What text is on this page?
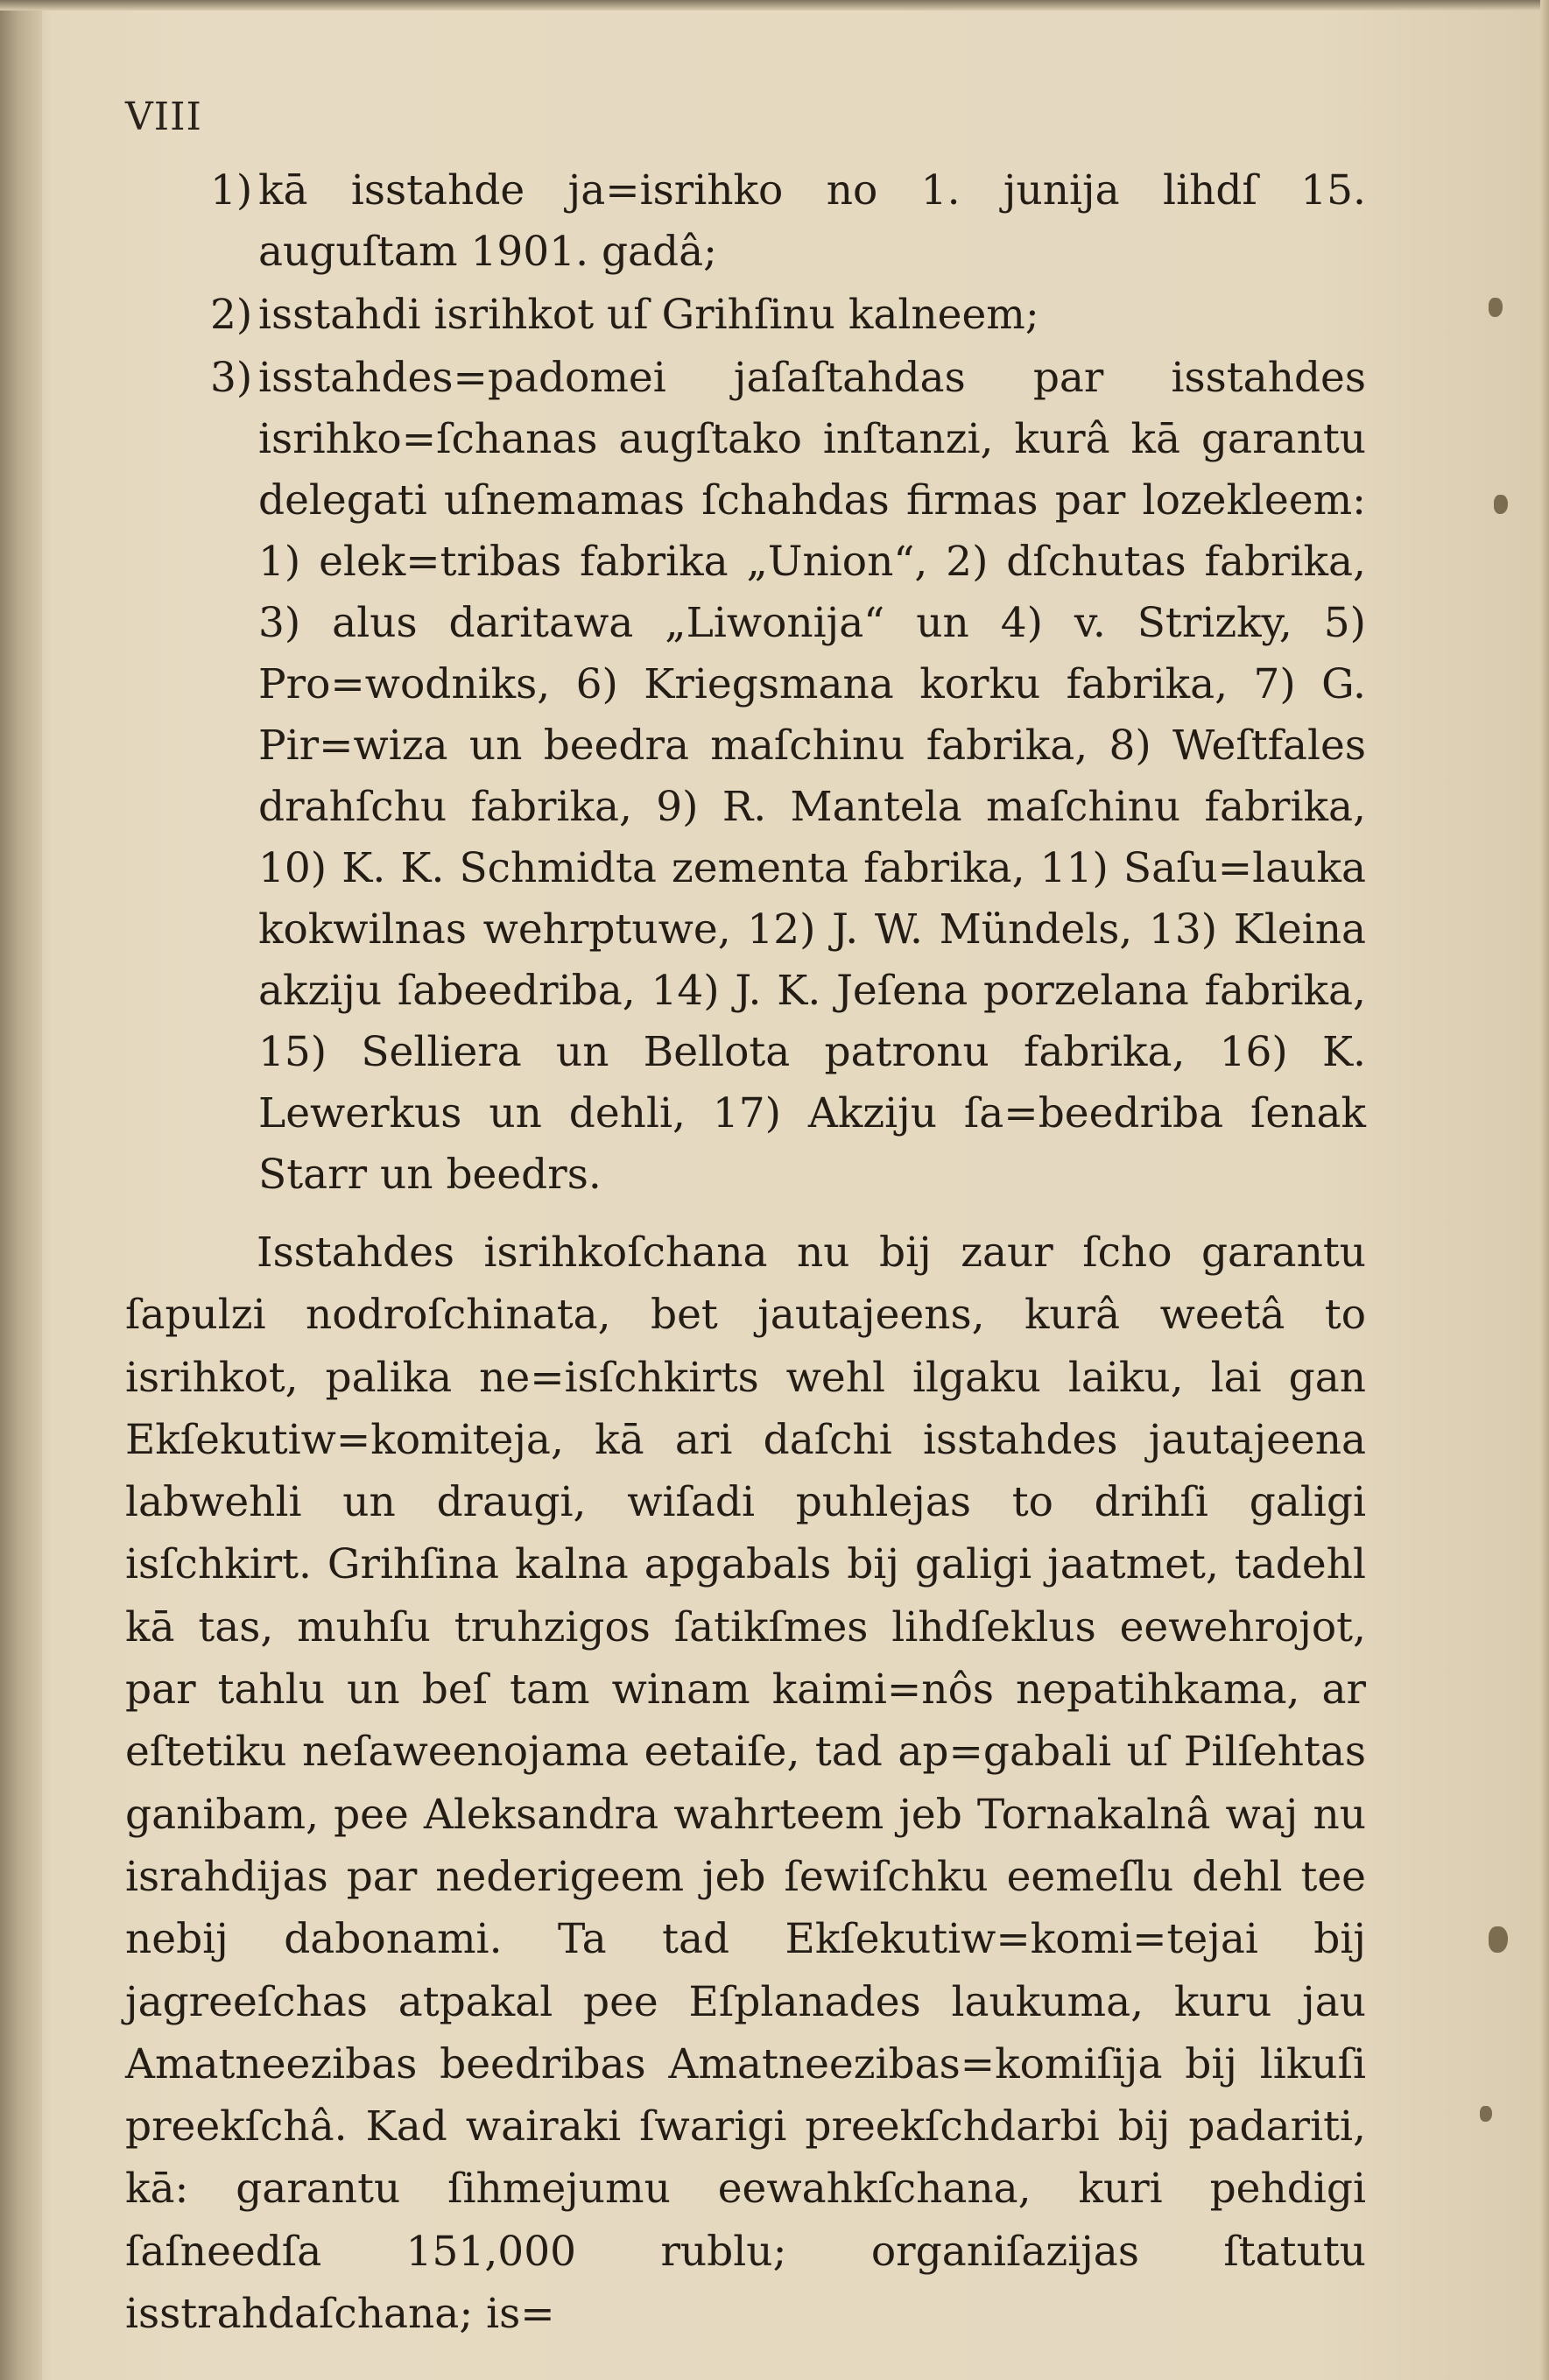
VIII
1) kā isstahde ja=isrihko no 1. junija lihdſ 15. auguſtam 1901. gadâ;
2) isstahdi isrihkot uſ Grihſinu kalneem;
3) isstahdes=padomei jaſaſtahdas par isstahdes isrihko=ſchanas augſtako inſtanzi, kurâ kā garantu delegati uſnemamas ſchahdas firmas par lozekleem: 1) elek=tribas fabrika „Union“, 2) dſchutas fabrika, 3) alus daritawa „Liwonija“ un 4) v. Strizky, 5) Pro=wodniks, 6) Kriegsmana korku fabrika, 7) G. Pir=wiza un beedra maſchinu fabrika, 8) Weſtfales drahſchu fabrika, 9) R. Mantela maſchinu fabrika, 10) K. K. Schmidta zementa fabrika, 11) Saſu=lauka kokwilnas wehrptuwe, 12) J. W. Mündels, 13) Kleina akziju ſabeedriba, 14) J. K. Jeſena porzelana fabrika, 15) Selliera un Bellota patronu fabrika, 16) K. Lewerkus un dehli, 17) Akziju ſa=beedriba ſenak Starr un beedrs.
Isstahdes isrihkoſchana nu bij zaur ſcho garantu ſapulzi nodroſchinata, bet jautajeens, kurâ weetâ to isrihkot, palika ne=isſchkirts wehl ilgaku laiku, lai gan Ekſekutiw=komiteja, kā ari daſchi isstahdes jautajeena labwehli un draugi, wiſadi puhlejas to drihſi galigi isſchkirt. Grihſina kalna apgabals bij galigi jaatmet, tadehl kā tas, muhſu truhzigos ſatikſmes lihdſeklus eewehrojot, par tahlu un beſ tam winam kaimi=nôs nepatihkama, ar eſtetiku neſaweenojama eetaiſe, tad ap=gabali uſ Pilſehtas ganibam, pee Aleksandra wahrteem jeb Tornakalnâ waj nu israhdijas par nederigeem jeb ſewiſchku eemeſlu dehl tee nebij dabonami. Ta tad Ekſekutiw=komi=tejai bij jagreeſchas atpakal pee Eſplanades laukuma, kuru jau Amatneezibas beedribas Amatneezibas=komiſija bij likuſi preekſchâ. Kad wairaki ſwarigi preekſchdarbi bij padariti, kā: garantu ſihmejumu eewahkſchana, kuri pehdigi ſaſneedſa 151,000 rublu; organiſazijas ſtatutu isstrahdaſchana; is=
